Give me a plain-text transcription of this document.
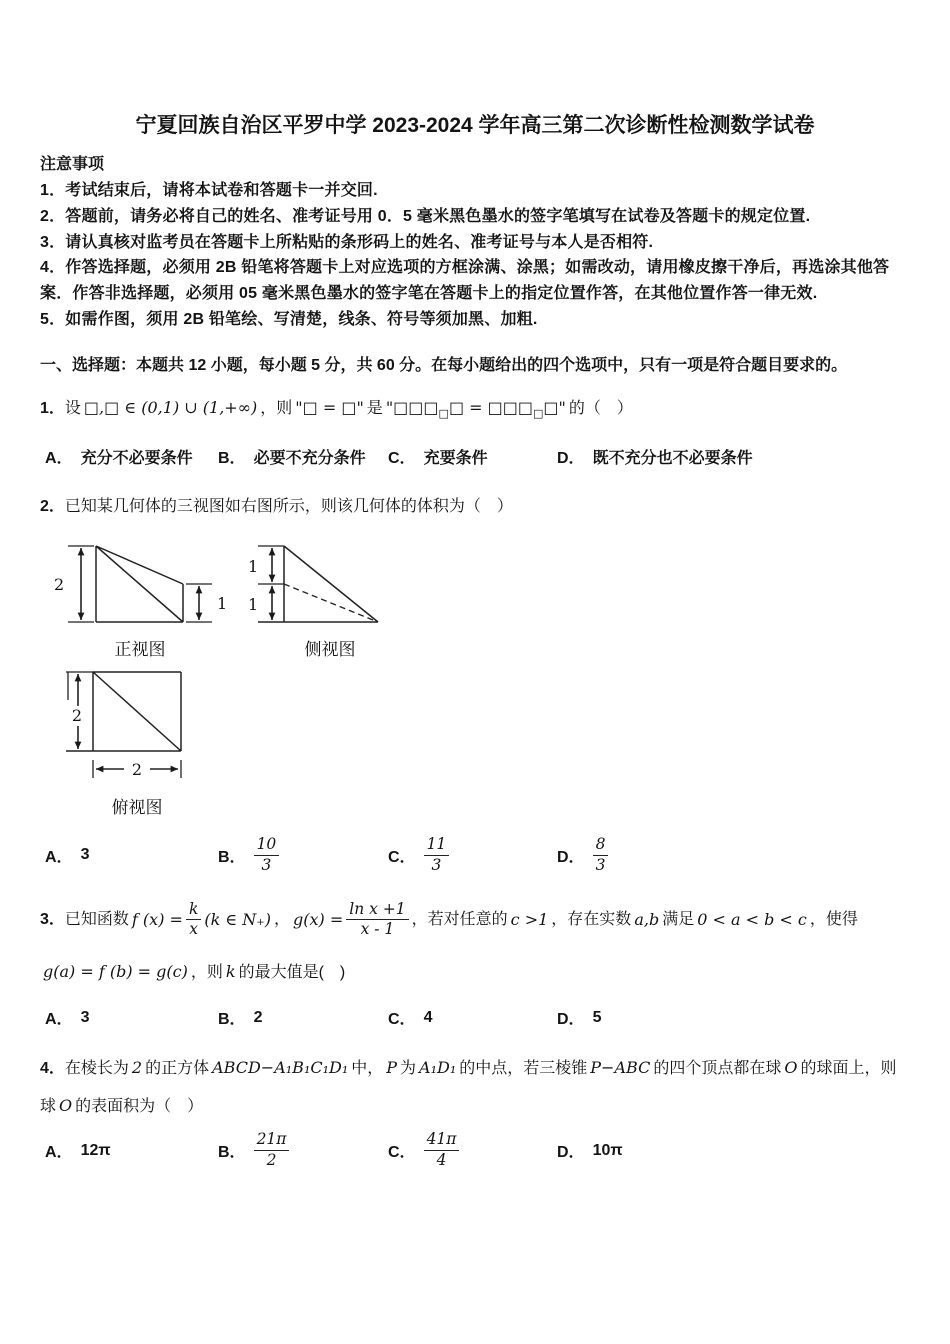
宁夏回族自治区平罗中学 2023-2024 学年高三第二次诊断性检测数学试卷
注意事项

1．考试结束后，请将本试卷和答题卡一并交回.

2．答题前，请务必将自己的姓名、准考证号用 0．5 毫米黑色墨水的签字笔填写在试卷及答题卡的规定位置.

3．请认真核对监考员在答题卡上所粘贴的条形码上的姓名、准考证号与本人是否相符.

4．作答选择题，必须用 2B 铅笔将答题卡上对应选项的方框涂满、涂黑；如需改动，请用橡皮擦干净后，再选涂其他答案．作答非选择题，必须用 05 毫米黑色墨水的签字笔在答题卡上的指定位置作答，在其他位置作答一律无效.

5．如需作图，须用 2B 铅笔绘、写清楚，线条、符号等须加黑、加粗.

一、选择题：本题共 12 小题，每小题 5 分，共 60 分。在每小题给出的四个选项中，只有一项是符合题目要求的。

1．设 □,□ ∈ (0,1) ∪ (1,+∞) ，则 "□ = □" 是 "$□□□_□□$ = $□□□_□□$" 的（　）

A． 充分不必要条件 B． 必要不充分条件 C． 充要条件	D． 既不充分也不必要条件

2．已知某几何体的三视图如右图所示，则该几何体的体积为（　）

2
1
正视图
1
1
侧视图
2
2
俯视图
A． 3	B． $\frac{10}{3}$	C． $\frac{11}{3}$	D． $\frac{8}{3}$

3． 已知函数 f $(x) = \frac{k}{x} (k$ ∈ N₊) ， $g(x) = \frac{\text{ln x +1}}{x - 1}$ ，若对任意的 c >1 ，存在实数 a,b 满足 0 < a < b < c ，使得

g(a) = f (b) = g(c) ，则 k 的最大值是(　)

A． 3	B． 2	C． 4	D． 5

4．在棱长为 2 的正方体 ABCD−A₁B₁C₁D₁ 中， P 为 A₁D₁ 的中点，若三棱锥 P−ABC 的四个顶点都在球 O 的球面上，则
球 O 的表面积为（　）

A． 12π	B． $\frac{21\pi}{2}$	C． $\frac{41\pi}{4}$	D． 10π
